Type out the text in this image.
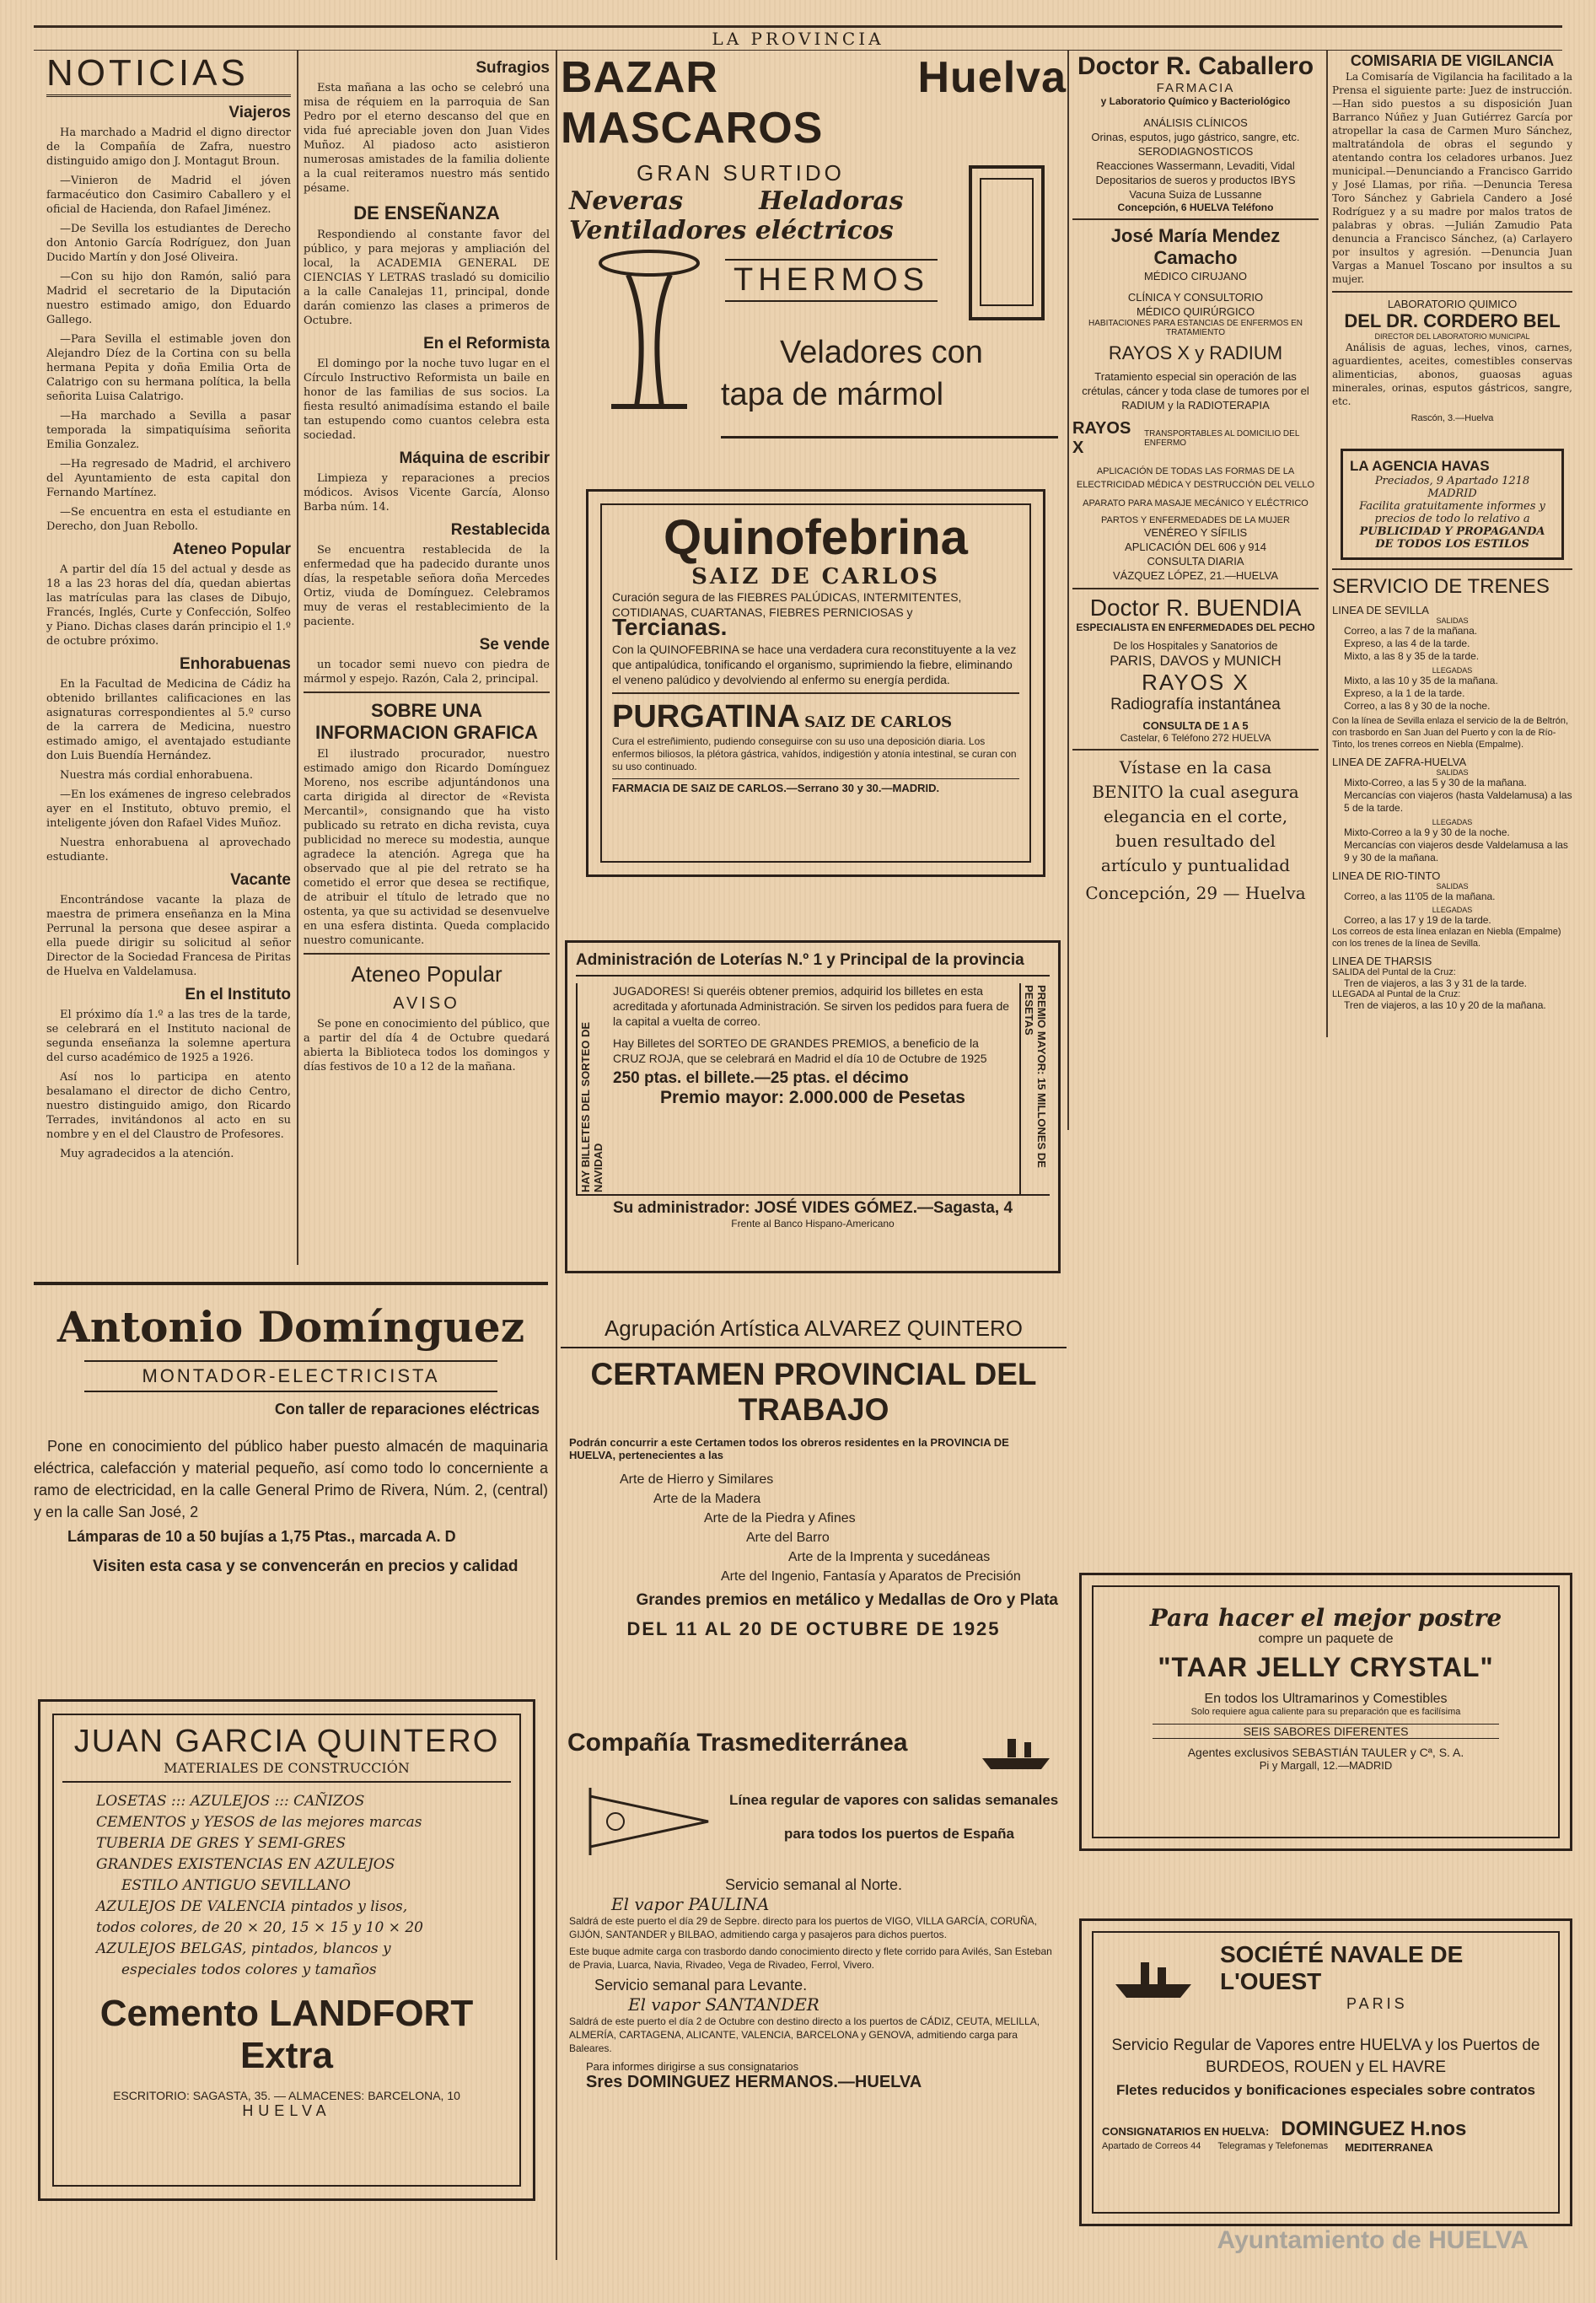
LA PROVINCIA
NOTICIAS
Viajeros

Ha marchado a Madrid el digno director de la Compañía de Zafra, nuestro distinguido amigo don J. Montagut Broun.

—Vinieron de Madrid el jóven farmacéutico don Casimiro Caballero y el oficial de Hacienda, don Rafael Jiménez.

—De Sevilla los estudiantes de Derecho don Antonio García Rodríguez, don Juan Ducido Martín y don José Oliveira.

—Con su hijo don Ramón, salió para Madrid el secretario de la Diputación nuestro estimado amigo, don Eduardo Gallego.

—Para Sevilla el estimable joven don Alejandro Díez de la Cortina con su bella hermana Pepita y doña Emilia Orta de Calatrigo con su hermana política, la bella señorita Luisa Calatrigo.

—Ha marchado a Sevilla a pasar temporada la simpatiquísima señorita Emilia Gonzalez.

—Ha regresado de Madrid, el archivero del Ayuntamiento de esta capital don Fernando Martínez.

—Se encuentra en esta el estudiante en Derecho, don Juan Rebollo.

Ateneo Popular

A partir del día 15 del actual y desde as 18 a las 23 horas del día, quedan abiertas las matrículas para las clases de Dibujo, Francés, Inglés, Curte y Confección, Solfeo y Piano. Dichas clases darán principio el 1.º de octubre próximo.

Enhorabuenas

En la Facultad de Medicina de Cádiz ha obtenido brillantes calificaciones en las asignaturas correspondientes al 5.º curso de la carrera de Medicina, nuestro estimado amigo, el aventajado estudiante don Luis Buendía Hernández.

Nuestra más cordial enhorabuena.

—En los exámenes de ingreso celebrados ayer en el Instituto, obtuvo premio, el inteligente jóven don Rafael Vides Muñoz.

Nuestra enhorabuena al aprovechado estudiante.

Vacante

Encontrándose vacante la plaza de maestra de primera enseñanza en la Mina Perrunal la persona que desee aspirar a ella puede dirigir su solicitud al señor Director de la Sociedad Francesa de Piritas de Huelva en Valdelamusa.

En el Instituto

El próximo día 1.º a las tres de la tarde, se celebrará en el Instituto nacional de segunda enseñanza la solemne apertura del curso académico de 1925 a 1926.

Así nos lo participa en atento besalamano el director de dicho Centro, nuestro distinguido amigo, don Ricardo Terrades, invitándonos al acto en su nombre y en el del Claustro de Profesores.

Muy agradecidos a la atención.

Sufragios

Esta mañana a las ocho se celebró una misa de réquiem en la parroquia de San Pedro por el eterno descanso del que en vida fué apreciable joven don Juan Vides Muñoz. Al piadoso acto asistieron numerosas amistades de la familia doliente a la cual reiteramos nuestro más sentido pésame.

DE ENSEÑANZA

Respondiendo al constante favor del público, y para mejoras y ampliación del local, la ACADEMIA GENERAL DE CIENCIAS Y LETRAS trasladó su domicilio a la calle Canalejas 11, principal, donde darán comienzo las clases a primeros de Octubre.

En el Reformista

El domingo por la noche tuvo lugar en el Círculo Instructivo Reformista un baile en honor de las familias de sus socios. La fiesta resultó animadísima estando el baile tan estupendo como cuantos celebra esta sociedad.

Máquina de escribir

Limpieza y reparaciones a precios módicos. Avisos Vicente García, Alonso Barba núm. 14.

Restablecida

Se encuentra restablecida de la enfermedad que ha padecido durante unos días, la respetable señora doña Mercedes Ortiz, viuda de Domínguez. Celebramos muy de veras el restablecimiento de la paciente.

Se vende

un tocador semi nuevo con piedra de mármol y espejo. Razón, Cala 2, principal.

SOBRE UNA INFORMACION GRAFICA

El ilustrado procurador, nuestro estimado amigo don Ricardo Domínguez Moreno, nos escribe adjuntándonos una carta dirigida al director de «Revista Mercantil», consignando que ha visto publicado su retrato en dicha revista, cuya publicidad no merece su modestia, aunque agradece la atención. Agrega que ha observado que al pie del retrato se ha cometido el error que desea se rectifique, de atribuir el título de letrado que no ostenta, ya que su actividad se desenvuelve en una esfera distinta. Queda complacido nuestro comunicante.

Ateneo Popular
AVISO

Se pone en conocimiento del público, que a partir del día 4 de Octubre quedará abierta la Biblioteca todos los domingos y días festivos de 10 a 12 de la mañana.

BAZAR MASCAROS
Huelva
GRAN SURTIDO
Neveras	Heladoras
Ventiladores eléctricos
THERMOS
Veladores con
tapa de mármol
Quinofebrina
SAIZ DE CARLOS
Curación segura de las FIEBRES PALÚDICAS, INTERMITENTES, COTIDIANAS, CUARTANAS, FIEBRES PERNICIOSAS y Tercianas.
Con la QUINOFEBRINA se hace una verdadera cura reconstituyente a la vez que antipalúdica, tonificando el organismo, suprimiendo la fiebre, eliminando el veneno palúdico y devolviendo al enfermo su energía perdida.
PURGATINA SAIZ DE CARLOS
Cura el estreñimiento, pudiendo conseguirse con su uso una deposición diaria. Los enfermos biliosos, la plétora gástrica, vahídos, indigestión y atonía intestinal, se curan con su uso continuado.
FARMACIA DE SAIZ DE CARLOS.—Serrano 30 y 30.—MADRID.
Administración de Loterías N.º 1 y Principal de la provincia
HAY BILLETES DEL SORTEO DE NAVIDAD
JUGADORES! Si queréis obtener premios, adquirid los billetes en esta acreditada y afortunada Administración. Se sirven los pedidos para fuera de la capital a vuelta de correo.
Hay Billetes del SORTEO DE GRANDES PREMIOS, a beneficio de la CRUZ ROJA, que se celebrará en Madrid el día 10 de Octubre de 1925
250 ptas. el billete.—25 ptas. el décimo
Premio mayor: 2.000.000 de Pesetas	PREMIO MAYOR: 15 MILLONES DE PESETAS
Su administrador: JOSÉ VIDES GÓMEZ.—Sagasta, 4
Frente al Banco Hispano-Americano
Agrupación Artística ALVAREZ QUINTERO
CERTAMEN PROVINCIAL DEL TRABAJO
Podrán concurrir a este Certamen todos los obreros residentes en la PROVINCIA DE HUELVA, pertenecientes a las
Arte de Hierro y Similares
Arte de la Madera
Arte de la Piedra y Afines
Arte del Barro
Arte de la Imprenta y sucedáneas
Arte del Ingenio, Fantasía y Aparatos de Precisión
Grandes premios en metálico y Medallas de Oro y Plata
DEL 11 AL 20 DE OCTUBRE DE 1925
Compañía Trasmediterránea
Línea regular de vapores con salidas semanales
para todos los puertos de España
Servicio semanal al Norte.
El vapor PAULINA
Saldrá de este puerto el día 29 de Sepbre. directo para los puertos de VIGO, VILLA GARCÍA, CORUÑA, GIJÓN, SANTANDER y BILBAO, admitiendo carga y pasajeros para dichos puertos.
Este buque admite carga con trasbordo dando conocimiento directo y flete corrido para Avilés, San Esteban de Pravia, Luarca, Navia, Rivadeo, Vega de Rivadeo, Ferrol, Vivero.
Servicio semanal para Levante.
El vapor SANTANDER
Saldrá de este puerto el día 2 de Octubre con destino directo a los puertos de CÁDIZ, CEUTA, MELILLA, ALMERÍA, CARTAGENA, ALICANTE, VALENCIA, BARCELONA y GENOVA, admitiendo carga para Baleares.
Para informes dirigirse a sus consignatarios
Sres DOMINGUEZ HERMANOS.—HUELVA
Antonio Domínguez
MONTADOR-ELECTRICISTA
Con taller de reparaciones eléctricas

Pone en conocimiento del público haber puesto almacén de maquinaria eléctrica, calefacción y material pequeño, así como todo lo concerniente a ramo de electricidad, en la calle General Primo de Rivera, Núm. 2, (central) y en la calle San José, 2

Lámparas de 10 a 50 bujías a 1,75 Ptas., marcada A. D
Visiten esta casa y se convencerán en precios y calidad
JUAN GARCIA QUINTERO
MATERIALES DE CONSTRUCCIÓN
LOSETAS ::: AZULEJOS ::: CAÑIZOS
CEMENTOS y YESOS de las mejores marcas
TUBERIA DE GRES Y SEMI-GRES
GRANDES EXISTENCIAS EN AZULEJOS
ESTILO ANTIGUO SEVILLANO
AZULEJOS DE VALENCIA pintados y lisos,
todos colores, de 20 × 20, 15 × 15 y 10 × 20
AZULEJOS BELGAS, pintados, blancos y
especiales todos colores y tamaños
Cemento LANDFORT Extra
ESCRITORIO: SAGASTA, 35. — ALMACENES: BARCELONA, 10
HUELVA
Doctor R. Caballero
FARMACIA
y Laboratorio Químico y Bacteriológico
ANÁLISIS CLÍNICOS
Orinas, esputos, jugo gástrico, sangre, etc.
SERODIAGNOSTICOS
Reacciones Wassermann, Levaditi, Vidal
Depositarios de sueros y productos IBYS
Vacuna Suiza de Lussanne
Concepción, 6 HUELVA Teléfono
José María Mendez Camacho
MÉDICO CIRUJANO
CLÍNICA Y CONSULTORIO
MÉDICO QUIRÚRGICO
HABITACIONES PARA ESTANCIAS DE ENFERMOS EN TRATAMIENTO
RAYOS X y RADIUM
Tratamiento especial sin operación de las crétulas, cáncer y toda clase de tumores por el RADIUM y la RADIOTERAPIA
RAYOS X
TRANSPORTABLES AL DOMICILIO DEL ENFERMO
APLICACIÓN DE TODAS LAS FORMAS DE LA ELECTRICIDAD MÉDICA Y DESTRUCCIÓN DEL VELLO
APARATO PARA MASAJE MECÁNICO Y ELÉCTRICO
PARTOS Y ENFERMEDADES DE LA MUJER
VENÉREO Y SÍFILIS
APLICACIÓN DEL 606 y 914
CONSULTA DIARIA
VÁZQUEZ LÓPEZ, 21.—HUELVA
Doctor R. BUENDIA
ESPECIALISTA EN ENFERMEDADES DEL PECHO
De los Hospitales y Sanatorios de
PARIS, DAVOS y MUNICH
RAYOS X
Radiografía instantánea
CONSULTA DE 1 A 5
Castelar, 6 Teléfono 272 HUELVA
Vístase en la casa BENITO la cual asegura elegancia en el corte, buen resultado del artículo y puntualidad
Concepción, 29 — Huelva
COMISARIA DE VIGILANCIA

La Comisaría de Vigilancia ha facilitado a la Prensa el siguiente parte: Juez de instrucción.—Han sido puestos a su disposición Juan Barranco Núñez y Juan Gutiérrez García por atropellar la casa de Carmen Muro Sánchez, maltratándola de obras el segundo y atentando contra los celadores urbanos. Juez municipal.—Denunciando a Francisco Garrido y José Llamas, por riña. —Denuncia Teresa Toro Sánchez y Gabriela Candero a José Rodríguez y a su madre por malos tratos de palabras y obras. —Julián Zamudio Pata denuncia a Francisco Sánchez, (a) Carlayero por insultos y agresión. —Denuncia Juan Vargas a Manuel Toscano por insultos a su mujer.

LABORATORIO QUIMICO
DEL DR. CORDERO BEL
DIRECTOR DEL LABORATORIO MUNICIPAL

Análisis de aguas, leches, vinos, carnes, aguardientes, aceites, comestibles conservas alimenticias, abonos, guaosas aguas minerales, orinas, esputos gástricos, sangre, etc.

Rascón, 3.—Huelva
LA AGENCIA HAVAS
Preciados, 9 Apartado 1218
MADRID
Facilita gratuitamente informes y precios de todo lo relativo a
PUBLICIDAD Y PROPAGANDA DE TODOS LOS ESTILOS
SERVICIO DE TRENES
LINEA DE SEVILLA
SALIDAS
Correo, a las 7 de la mañana.
Expreso, a las 4 de la tarde.
Mixto, a las 8 y 35 de la tarde.
LLEGADAS
Mixto, a las 10 y 35 de la mañana.
Expreso, a la 1 de la tarde.
Correo, a las 8 y 30 de la noche.
Con la línea de Sevilla enlaza el servicio de la de Beltrón, con trasbordo en San Juan del Puerto y con la de Río-Tinto, los trenes correos en Niebla (Empalme).
LINEA DE ZAFRA-HUELVA
SALIDAS
Mixto-Correo, a las 5 y 30 de la mañana.
Mercancías con viajeros (hasta Valdelamusa) a las 5 de la tarde.
LLEGADAS
Mixto-Correo a la 9 y 30 de la noche.
Mercancías con viajeros desde Valdelamusa a las 9 y 30 de la mañana.
LINEA DE RIO-TINTO
SALIDAS
Correo, a las 11'05 de la mañana.
LLEGADAS
Correo, a las 17 y 19 de la tarde.
Los correos de esta línea enlazan en Niebla (Empalme) con los trenes de la línea de Sevilla.
LINEA DE THARSIS
SALIDA del Puntal de la Cruz:
Tren de viajeros, a las 3 y 31 de la tarde.
LLEGADA al Puntal de la Cruz:
Tren de viajeros, a las 10 y 20 de la mañana.
Para hacer el mejor postre
compre un paquete de
"TAAR JELLY CRYSTAL"
En todos los Ultramarinos y Comestibles
Solo requiere agua caliente para su preparación que es facilísima
SEIS SABORES DIFERENTES
Agentes exclusivos SEBASTIÁN TAULER y Cª, S. A.
Pi y Margall, 12.—MADRID
SOCIÉTÉ NAVALE DE L'OUEST
PARIS
Servicio Regular de Vapores entre HUELVA y los Puertos de BURDEOS, ROUEN y EL HAVRE
Fletes reducidos y bonificaciones especiales sobre contratos
CONSIGNATARIOS EN HUELVA: DOMINGUEZ H.nos
Apartado de Correos 44 Telegramas y Telefonemas MEDITERRANEA
Ayuntamiento de HUELVA
